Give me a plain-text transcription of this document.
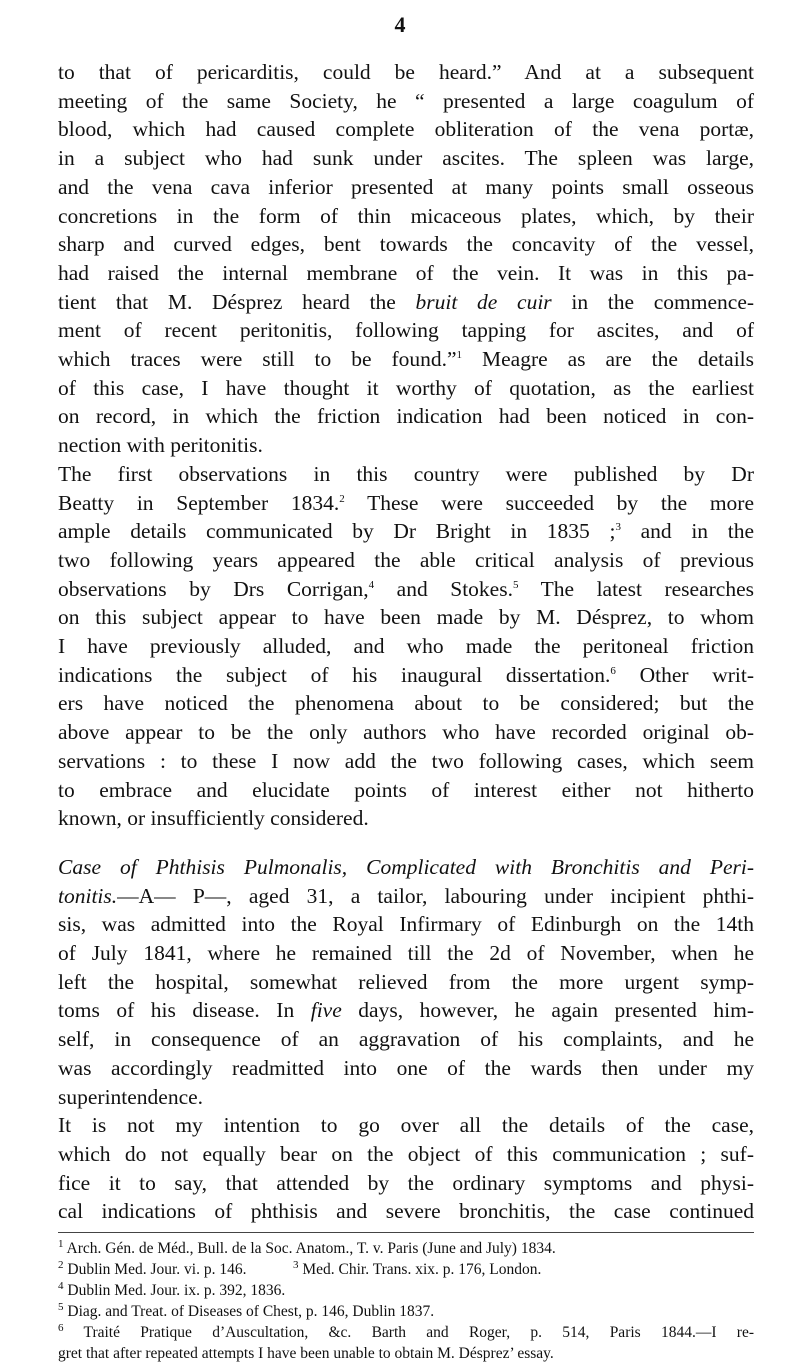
4
to that of pericarditis, could be heard.” And at a subsequent
meeting of the same Society, he “ presented a large coagulum of
blood, which had caused complete obliteration of the vena portæ,
in a subject who had sunk under ascites. The spleen was large,
and the vena cava inferior presented at many points small osseous
concretions in the form of thin micaceous plates, which, by their
sharp and curved edges, bent towards the concavity of the vessel,
had raised the internal membrane of the vein. It was in this pa-
tient that M. Désprez heard the bruit de cuir in the commence-
ment of recent peritonitis, following tapping for ascites, and of
which traces were still to be found.”$^1$ Meagre as are the details
of this case, I have thought it worthy of quotation, as the earliest
on record, in which the friction indication had been noticed in con-
nection with peritonitis.
The first observations in this country were published by Dr
Beatty in September 1834.$^2$ These were succeeded by the more
ample details communicated by Dr Bright in 1835 ;$^3$ and in the
two following years appeared the able critical analysis of previous
observations by Drs Corrigan,$^4$ and Stokes.$^5$ The latest researches
on this subject appear to have been made by M. Désprez, to whom
I have previously alluded, and who made the peritoneal friction
indications the subject of his inaugural dissertation.$^6$ Other writ-
ers have noticed the phenomena about to be considered; but the
above appear to be the only authors who have recorded original ob-
servations : to these I now add the two following cases, which seem
to embrace and elucidate points of interest either not hitherto
known, or insufficiently considered.
Case of Phthisis Pulmonalis, Complicated with Bronchitis and Peri-
tonitis.—A— P—, aged 31, a tailor, labouring under incipient phthi-
sis, was admitted into the Royal Infirmary of Edinburgh on the 14th
of July 1841, where he remained till the 2d of November, when he
left the hospital, somewhat relieved from the more urgent symp-
toms of his disease. In five days, however, he again presented him-
self, in consequence of an aggravation of his complaints, and he
was accordingly readmitted into one of the wards then under my
superintendence.
It is not my intention to go over all the details of the case,
which do not equally bear on the object of this communication ; suf-
fice it to say, that attended by the ordinary symptoms and physi-
cal indications of phthisis and severe bronchitis, the case continued
$^1$ Arch. Gén. de Méd., Bull. de la Soc. Anatom., T. v. Paris (June and July) 1834.
$^2$ Dublin Med. Jour. vi. p. 146.   	$^3$ Med. Chir. Trans. xix. p. 176, London.
$^4$ Dublin Med. Jour. ix. p. 392, 1836.
$^5$ Diag. and Treat. of Diseases of Chest, p. 146, Dublin 1837.
$^6$ Traité Pratique d’Auscultation, &c. Barth and Roger, p. 514, Paris 1844.—I re-
gret that after repeated attempts I have been unable to obtain M. Désprez’ essay.
